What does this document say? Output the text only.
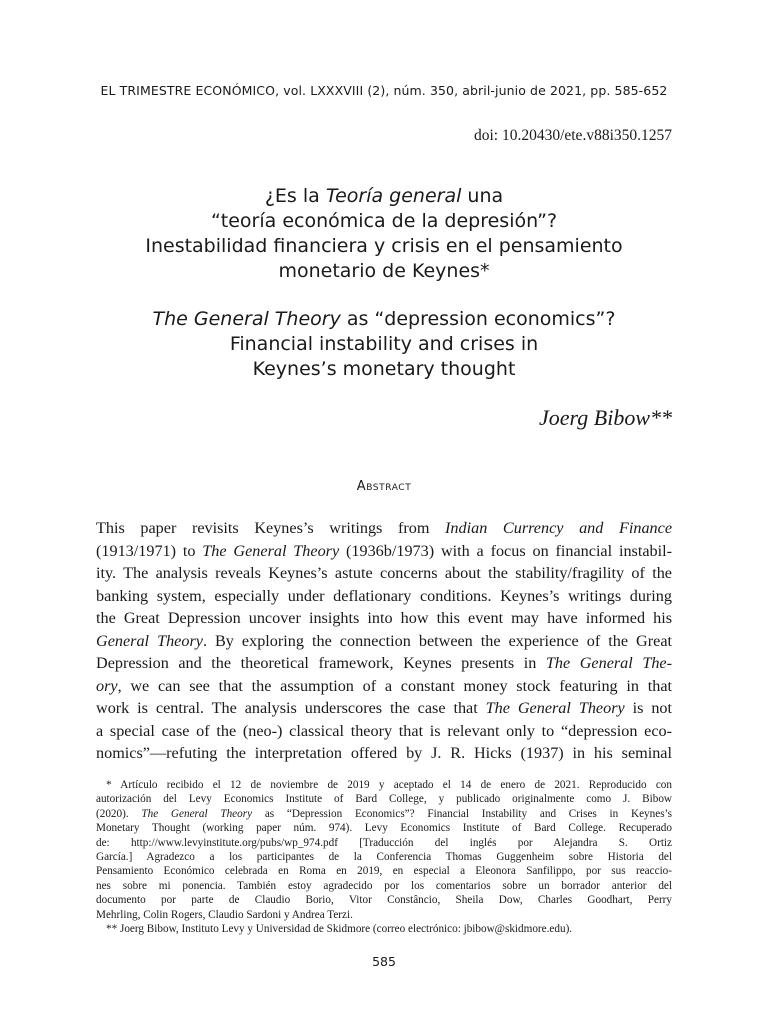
EL TRIMESTRE ECONÓMICO, vol. LXXXVIII (2), núm. 350, abril-junio de 2021, pp. 585-652
doi: 10.20430/ete.v88i350.1257
¿Es la Teoría general una
“teoría económica de la depresión”?
Inestabilidad financiera y crisis en el pensamiento
monetario de Keynes*
The General Theory as “depression economics”?
Financial instability and crises in
Keynes’s monetary thought
Joerg Bibow**
Abstract
This paper revisits Keynes’s writings from Indian Currency and Finance
(1913/1971) to The General Theory (1936b/1973) with a focus on financial instabil-
ity. The analysis reveals Keynes’s astute concerns about the stability/fragility of the
banking system, especially under deflationary conditions. Keynes’s writings during
the Great Depression uncover insights into how this event may have informed his
General Theory. By exploring the connection between the experience of the Great
Depression and the theoretical framework, Keynes presents in The General The-
ory, we can see that the assumption of a constant money stock featuring in that
work is central. The analysis underscores the case that The General Theory is not
a special case of the (neo-) classical theory that is relevant only to “depression eco-
nomics”—refuting the interpretation offered by J. R. Hicks (1937) in his seminal
* Artículo recibido el 12 de noviembre de 2019 y aceptado el 14 de enero de 2021. Reproducido con
autorización del Levy Economics Institute of Bard College, y publicado originalmente como J. Bibow
(2020). The General Theory as “Depression Economics”? Financial Instability and Crises in Keynes’s
Monetary Thought (working paper núm. 974). Levy Economics Institute of Bard College. Recuperado
de: http://www.levyinstitute.org/pubs/wp_974.pdf [Traducción del inglés por Alejandra S. Ortiz
García.] Agradezco a los participantes de la Conferencia Thomas Guggenheim sobre Historia del
Pensamiento Económico celebrada en Roma en 2019, en especial a Eleonora Sanfilippo, por sus reaccio-
nes sobre mi ponencia. También estoy agradecido por los comentarios sobre un borrador anterior del
documento por parte de Claudio Borio, Vitor Constâncio, Sheila Dow, Charles Goodhart, Perry
Mehrling, Colin Rogers, Claudio Sardoni y Andrea Terzi.
** Joerg Bibow, Instituto Levy y Universidad de Skidmore (correo electrónico: jbibow@skidmore.edu).
585
